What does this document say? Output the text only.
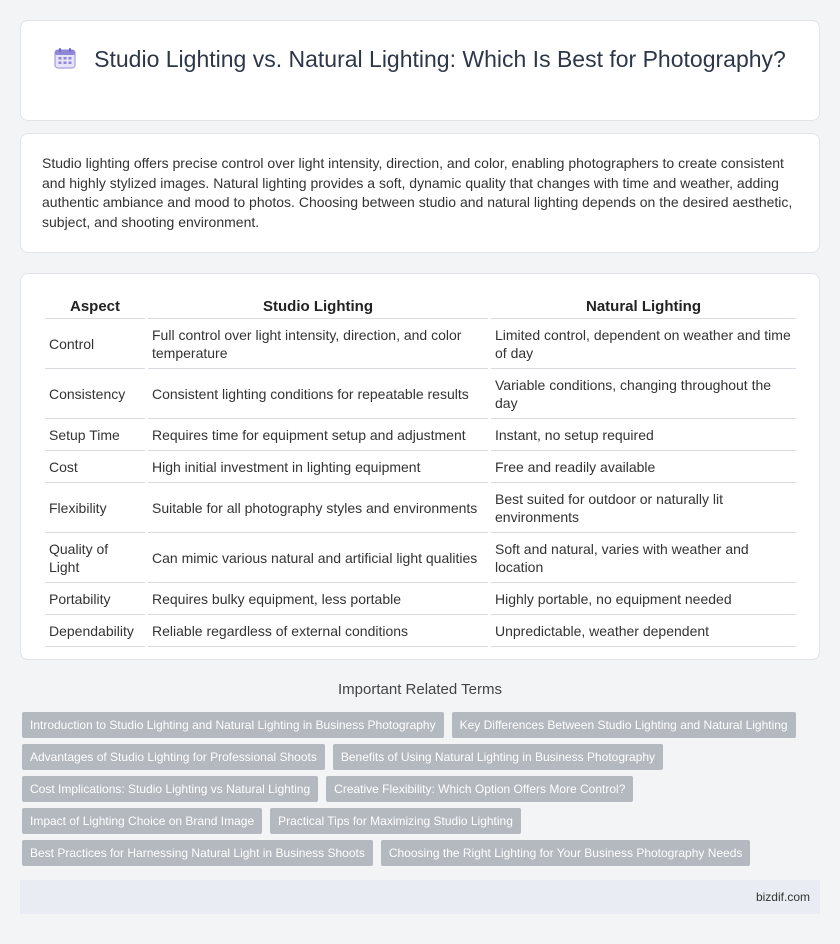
Studio Lighting vs. Natural Lighting: Which Is Best for Photography?

Studio lighting offers precise control over light intensity, direction, and color, enabling photographers to create consistent and highly stylized images. Natural lighting provides a soft, dynamic quality that changes with time and weather, adding authentic ambiance and mood to photos. Choosing between studio and natural lighting depends on the desired aesthetic, subject, and shooting environment.

Aspect	Studio Lighting	Natural Lighting
Control	Full control over light intensity, direction, and color temperature	Limited control, dependent on weather and time of day
Consistency	Consistent lighting conditions for repeatable results	Variable conditions, changing throughout the day
Setup Time	Requires time for equipment setup and adjustment	Instant, no setup required
Cost	High initial investment in lighting equipment	Free and readily available
Flexibility	Suitable for all photography styles and environments	Best suited for outdoor or naturally lit environments
Quality of Light	Can mimic various natural and artificial light qualities	Soft and natural, varies with weather and location
Portability	Requires bulky equipment, less portable	Highly portable, no equipment needed
Dependability	Reliable regardless of external conditions	Unpredictable, weather dependent
Important Related Terms
Introduction to Studio Lighting and Natural Lighting in Business Photography	Key Differences Between Studio Lighting and Natural Lighting
Advantages of Studio Lighting for Professional Shoots	Benefits of Using Natural Lighting in Business Photography
Cost Implications: Studio Lighting vs Natural Lighting	Creative Flexibility: Which Option Offers More Control?
Impact of Lighting Choice on Brand Image	Practical Tips for Maximizing Studio Lighting
Best Practices for Harnessing Natural Light in Business Shoots	Choosing the Right Lighting for Your Business Photography Needs
bizdif.com
